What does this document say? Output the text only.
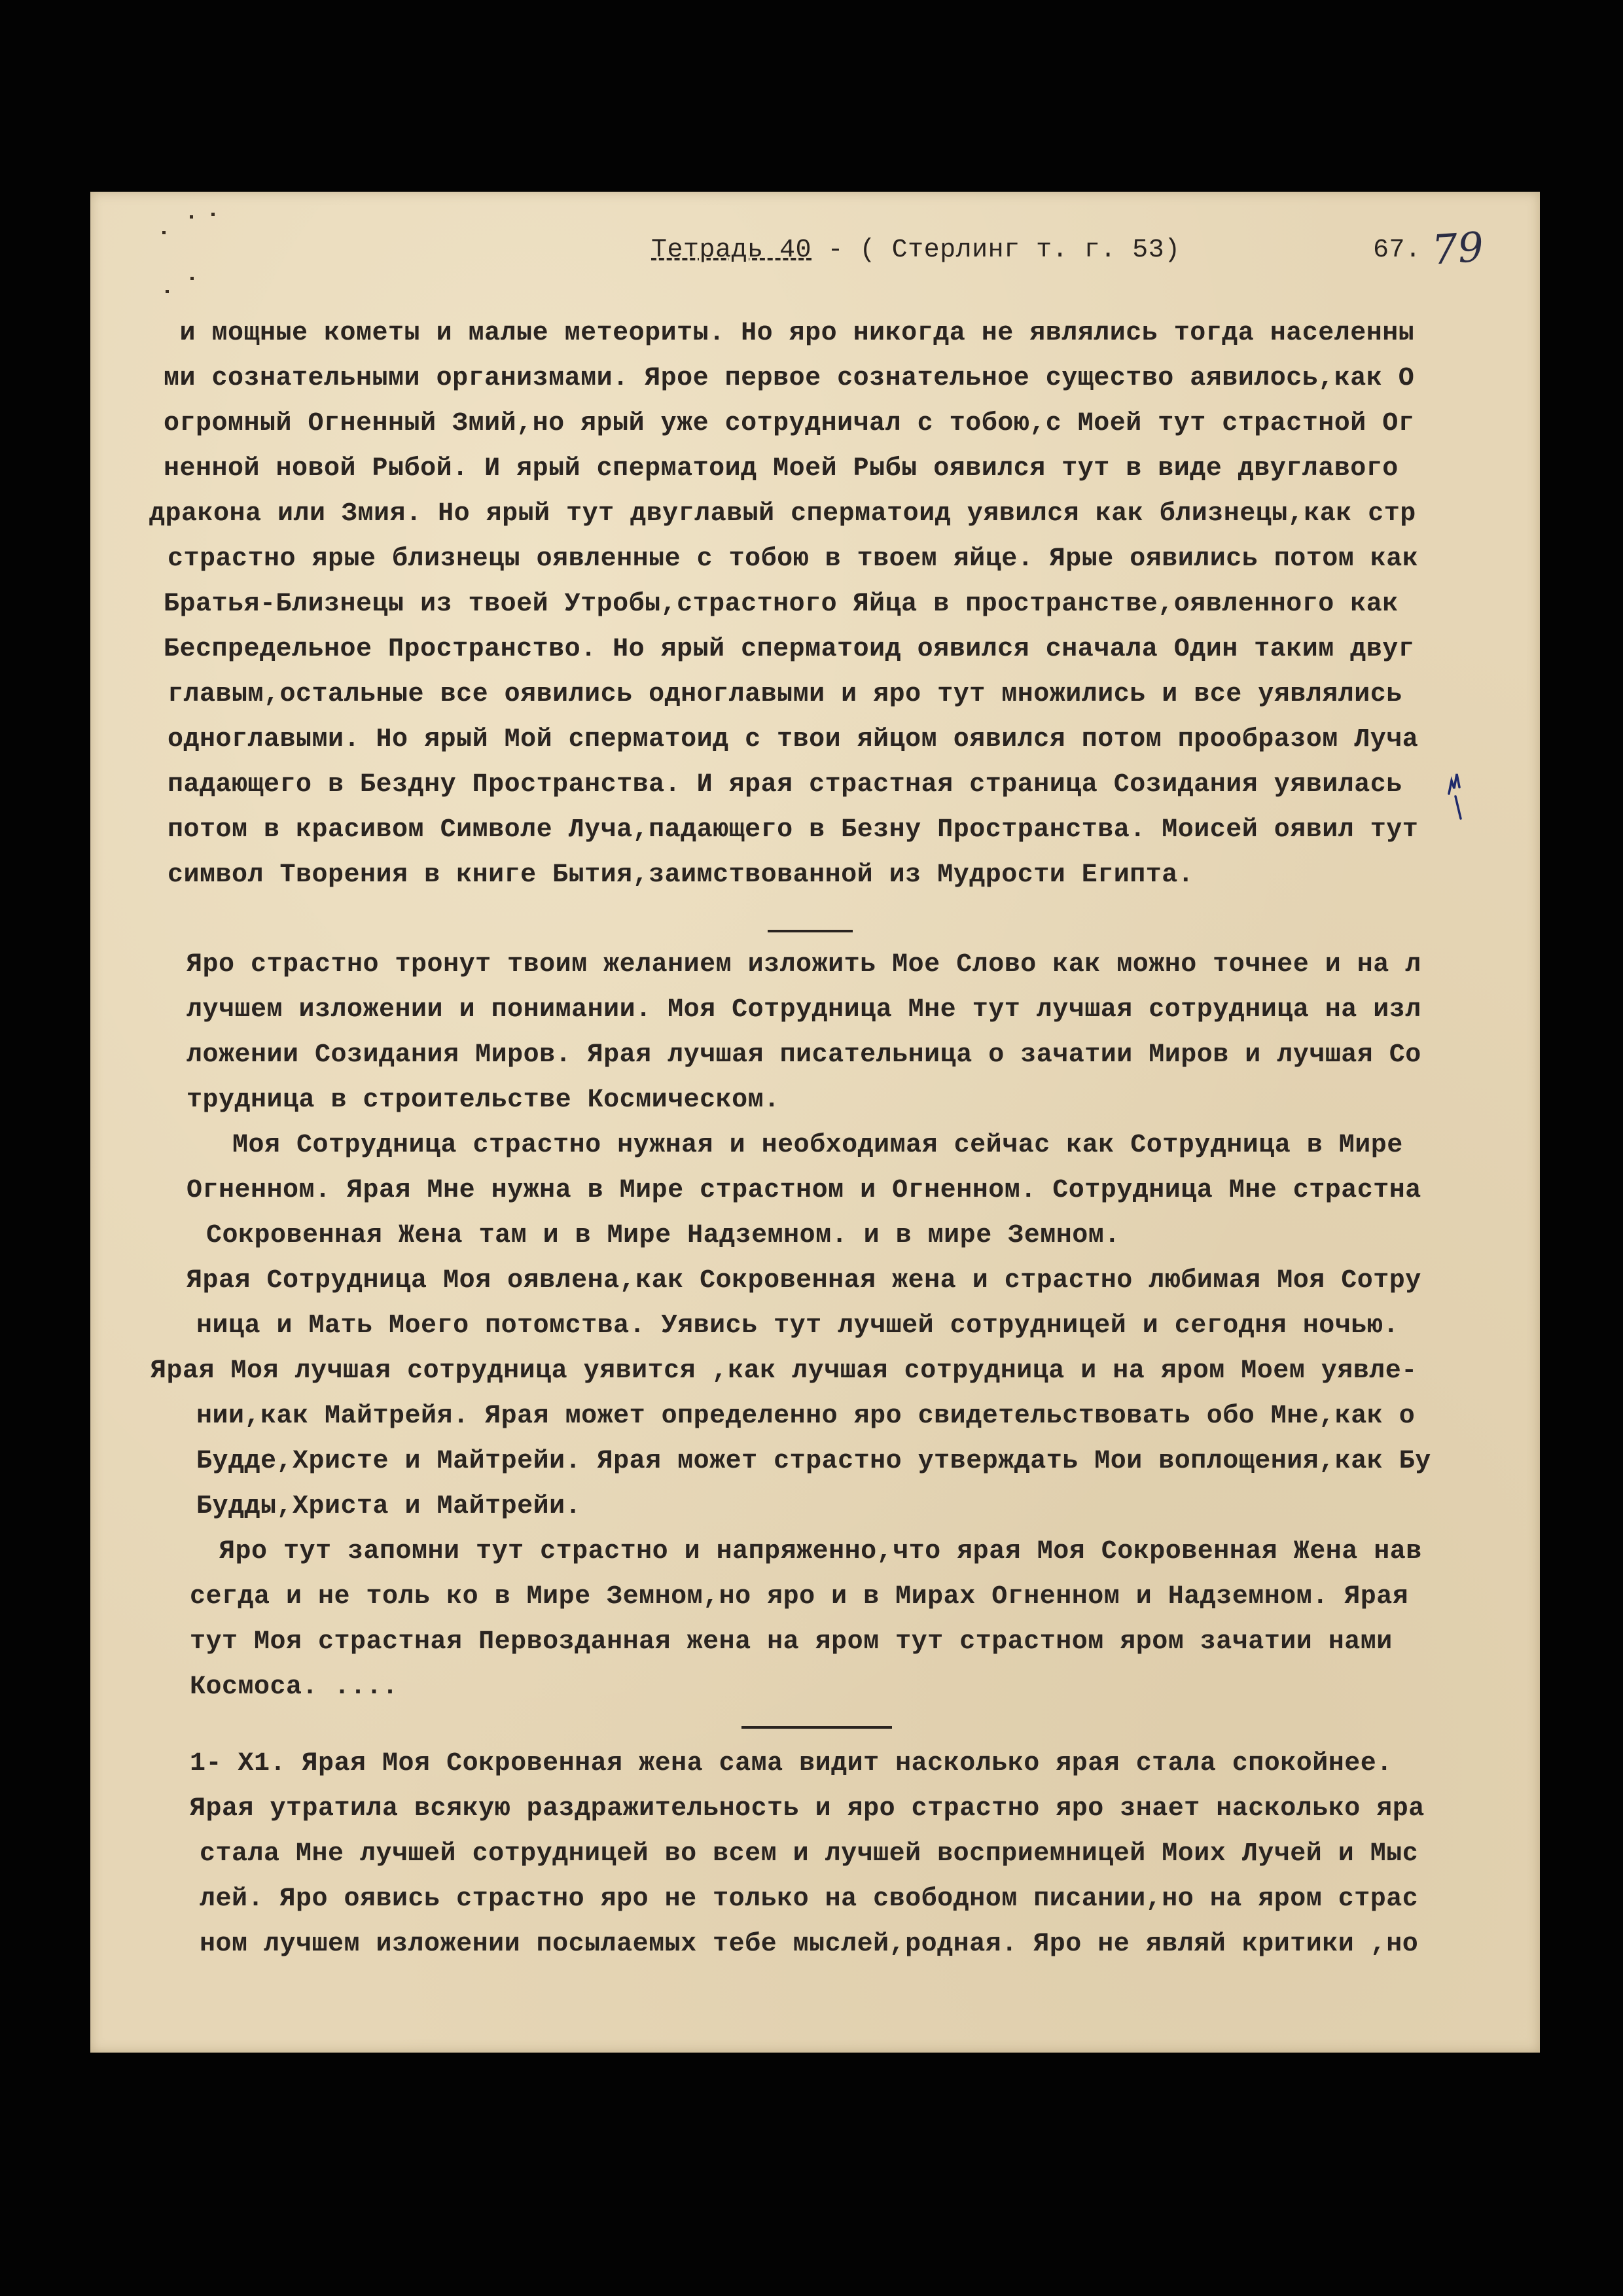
Тетрадь 40 - ( Стерлинг т. г. 53)	67. 79
и мощные кометы и малые метеориты. Но яро никогда не являлись тогда населенны
ми сознательными организмами. Ярое первое сознательное существо аявилось,как О
огромный Огненный Змий,но ярый уже сотрудничал с тобою,с Моей тут страстной Ог
ненной новой Рыбой. И ярый сперматоид Моей Рыбы оявился тут в виде двуглавого
дракона или Змия. Но ярый тут двуглавый сперматоид уявился как близнецы,как стр
страстно ярые близнецы оявленные с тобою в твоем яйце. Ярые оявились потом как
Братья-Близнецы из твоей Утробы,страстного Яйца в пространстве,оявленного как
Беспредельное Пространство. Но ярый сперматоид оявился сначала Один таким двуг
главым,остальные все оявились одноглавыми и яро тут множились и все уявлялись
одноглавыми. Но ярый Мой сперматоид с твои яйцом оявился потом прообразом Луча
падающего в Бездну Пространства. И ярая страстная страница Созидания уявилась
потом в красивом Символе Луча,падающего в Безну Пространства. Моисей оявил тут
символ Творения в книге Бытия,заимствованной из Мудрости Египта.
Яро страстно тронут твоим желанием изложить Мое Слово как можно точнее и на л
лучшем изложении и понимании. Моя Сотрудница Мне тут лучшая сотрудница на изл
ложении Созидания Миров. Ярая лучшая писательница о зачатии Миров и лучшая Со
трудница в строительстве Космическом.
Моя Сотрудница страстно нужная и необходимая сейчас как Сотрудница в Мире
Огненном. Ярая Мне нужна в Мире страстном и Огненном. Сотрудница Мне страстна
Сокровенная Жена там и в Мире Надземном. и в мире Земном.
Ярая Сотрудница Моя оявлена,как Сокровенная жена и страстно любимая Моя Сотру
ница и Мать Моего потомства. Уявись тут лучшей сотрудницей и сегодня ночью.
Ярая Моя лучшая сотрудница уявится ,как лучшая сотрудница и на яром Моем уявле-
нии,как Майтрейя. Ярая может определенно яро свидетельствовать обо Мне,как о
Будде,Христе и Майтрейи. Ярая может страстно утверждать Мои воплощения,как Бу
Будды,Христа и Майтрейи.
Яро тут запомни тут страстно и напряженно,что ярая Моя Сокровенная Жена нав
сегда и не толь ко в Мире Земном,но яро и в Мирах Огненном и Надземном. Ярая
тут Моя страстная Первозданная жена на яром тут страстном яром зачатии нами
Космоса. ....
1- Х1. Ярая Моя Сокровенная жена сама видит насколько ярая стала спокойнее.
Ярая утратила всякую раздражительность и яро страстно яро знает насколько яра
стала Мне лучшей сотрудницей во всем и лучшей восприемницей Моих Лучей и Мыс
лей. Яро оявись страстно яро не только на свободном писании,но на яром страс
ном лучшем изложении посылаемых тебе мыслей,родная. Яро не являй критики ,но
